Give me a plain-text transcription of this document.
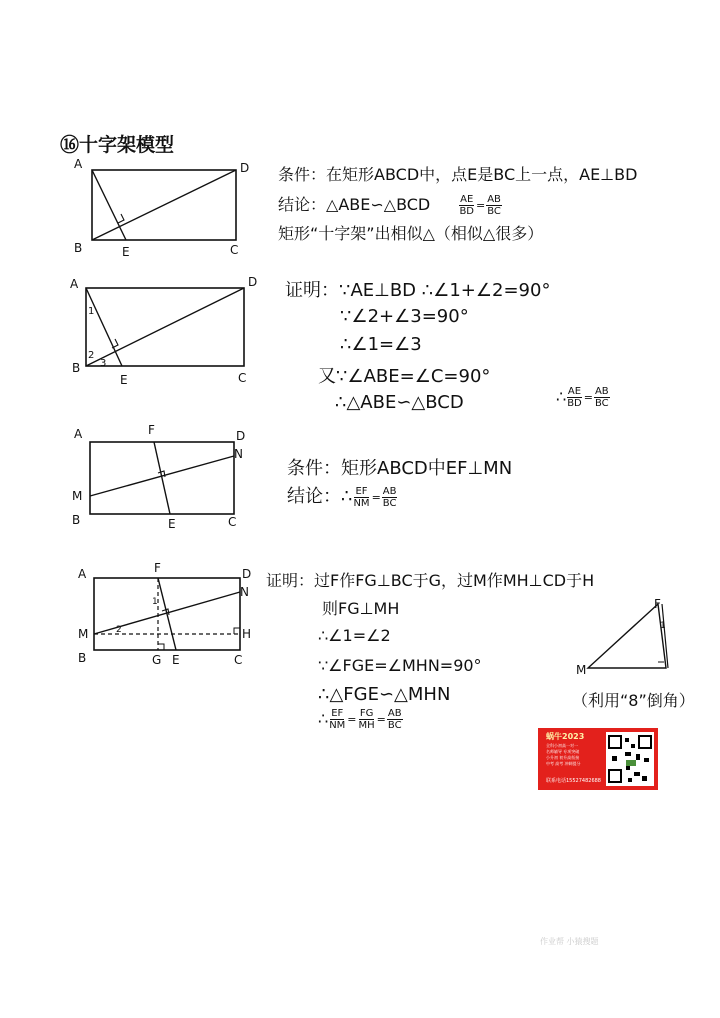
⑯十字架模型
A	D
B	E	C
条件：在矩形ABCD中，点E是BC上一点，AE⊥BD
结论：△ABE∽△BCD	$\frac{AE}{BD} = \frac{AB}{BC}$
矩形“十字架”出相似△（相似△很多）
A	D
B
E	C
1
2
3
证明：∵AE⊥BD ∴∠1+∠2=90°
∵∠2+∠3=90°
∴∠1=∠3
又∵∠ABE=∠C=90°
∴△ABE∽△BCD	∴ $\frac{AE}{BD} = \frac{AB}{BC}$
A	F	D
N
M
B	E	C
条件：矩形ABCD中EF⊥MN
结论：∴ $\frac{EF}{NM} = \frac{AB}{BC}$
A	F	D
N
M	H
B	G E	C
1
2
证明：过F作FG⊥BC于G，过M作MH⊥CD于H
则FG⊥MH
∴∠1=∠2
∵∠FGE=∠MHN=90°
∴△FGE∽△MHN
∴ $\frac{EF}{NM} = \frac{FG}{MH} = \frac{AB}{BC}$
F
M
1
（利用“8”倒角）
蜗牛2023
全科小初高一对一
名师辅导 专项突破
小升初 初升高衔接
中考 高考 冲刺提分
联系电话15527482688
作业帮 小猿搜题
